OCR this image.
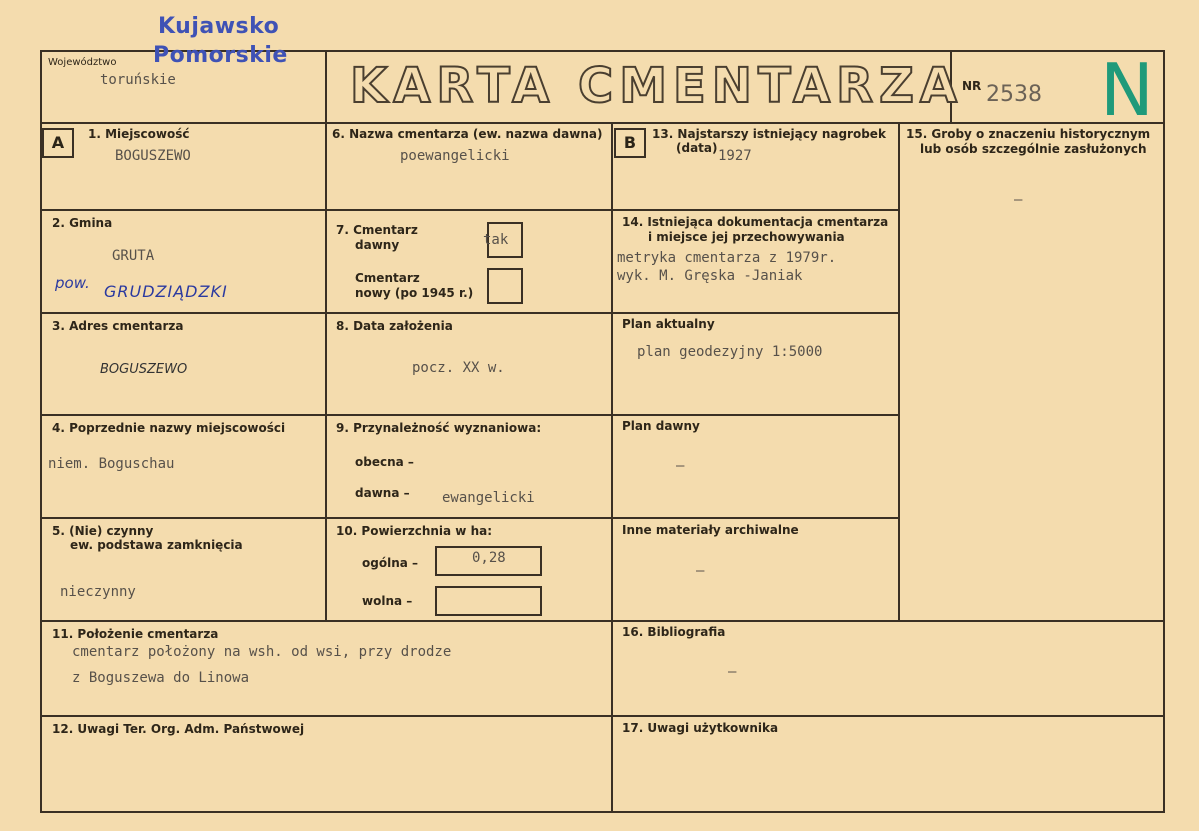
Kujawsko
Pomorskie
Województwo
toruńskie	KARTA CMENTARZA
NR 2538 N
A	B
1. Miejscowość
BOGUSZEWO
2. Gmina
GRUTA
pow. GRUDZIĄDZKI
3. Adres cmentarza
BOGUSZEWO
4. Poprzednie nazwy miejscowości
niem. Boguschau
5. (Nie) czynny
ew. podstawa zamknięcia
nieczynny
6. Nazwa cmentarza (ew. nazwa dawna)
poewangelicki
7. Cmentarz
dawny	tak
Cmentarz
nowy (po 1945 r.)
8. Data założenia
pocz. XX w.
9. Przynależność wyznaniowa:
obecna –
dawna – ewangelicki
10. Powierzchnia w ha:
ogólna –	0,28
wolna –
11. Położenie cmentarza
cmentarz położony na wsh. od wsi, przy drodze
z Boguszewa do Linowa
12. Uwagi Ter. Org. Adm. Państwowej
13. Najstarszy istniejący nagrobek
(data) 1927
14. Istniejąca dokumentacja cmentarza
i miejsce jej przechowywania
metryka cmentarza z 1979r.
wyk. M. Gręska -Janiak
Plan aktualny
plan geodezyjny 1:5000
Plan dawny
–
Inne materiały archiwalne
–
15. Groby o znaczeniu historycznym
lub osób szczególnie zasłużonych
–
16. Bibliografia
–
17. Uwagi użytkownika
